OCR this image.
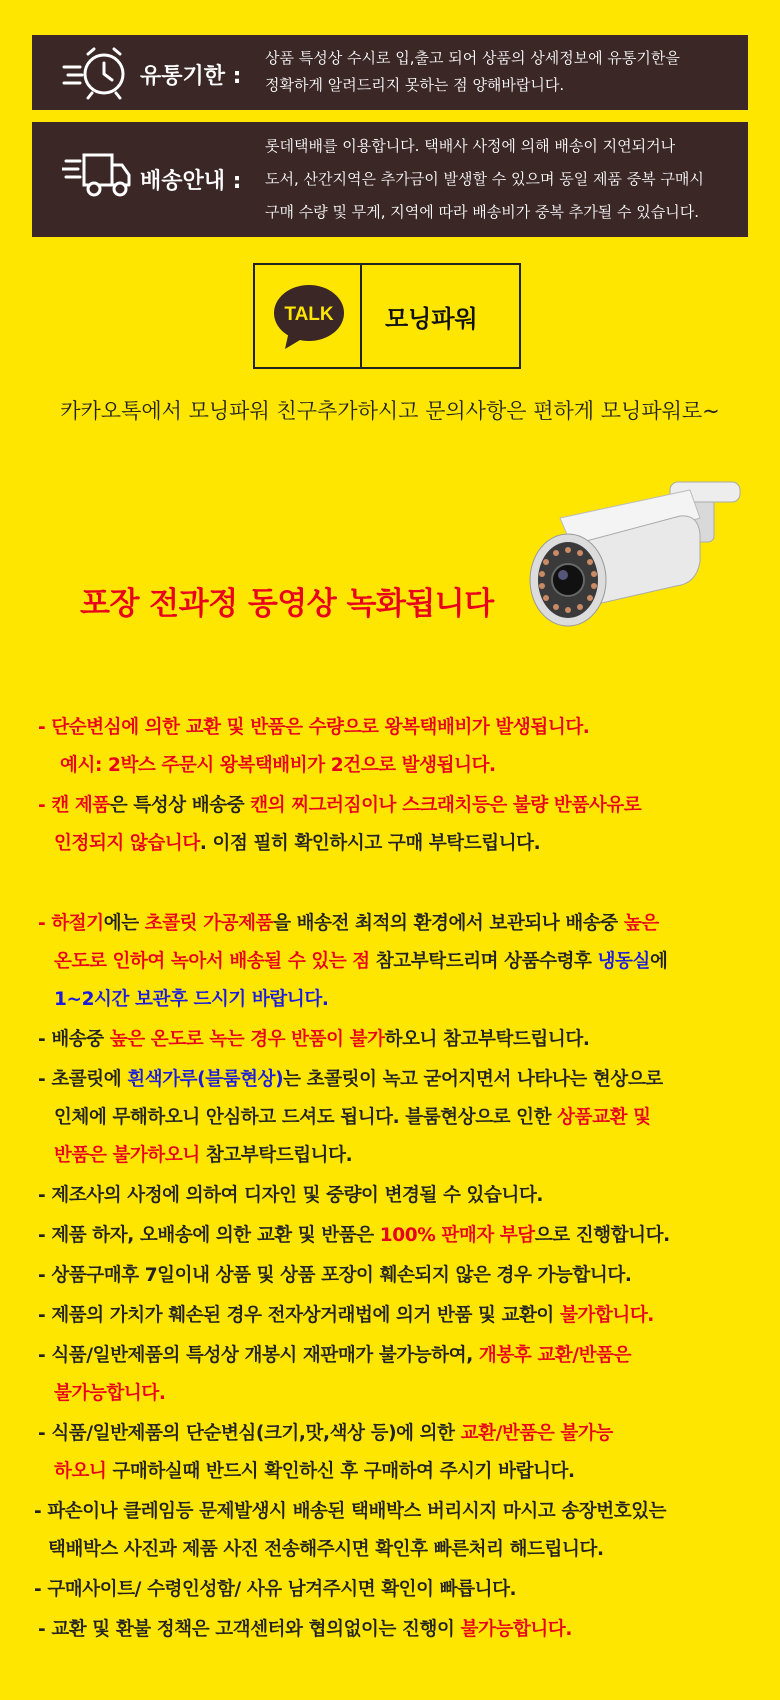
유통기한 :
상품 특성상 수시로 입,출고 되어 상품의 상세정보에 유통기한을
정확하게 알려드리지 못하는 점 양해바랍니다.
배송안내 :
롯데택배를 이용합니다. 택배사 사정에 의해 배송이 지연되거나
도서, 산간지역은 추가금이 발생할 수 있으며 동일 제품 중복 구매시
구매 수량 및 무게, 지역에 따라 배송비가 중복 추가될 수 있습니다.
TALK 모닝파워
카카오톡에서 모닝파워 친구추가하시고 문의사항은 편하게 모닝파워로~
포장 전과정 동영상 녹화됩니다
- 단순변심에 의한 교환 및 반품은 수량으로 왕복택배비가 발생됩니다.
예시: 2박스 주문시 왕복택배비가 2건으로 발생됩니다.
- 캔 제품은 특성상 배송중 캔의 찌그러짐이나 스크래치등은 불량 반품사유로
인정되지 않습니다. 이점 필히 확인하시고 구매 부탁드립니다.
- 하절기에는 초콜릿 가공제품을 배송전 최적의 환경에서 보관되나 배송중 높은
온도로 인하여 녹아서 배송될 수 있는 점 참고부탁드리며 상품수령후 냉동실에
1~2시간 보관후 드시기 바랍니다.
- 배송중 높은 온도로 녹는 경우 반품이 불가하오니 참고부탁드립니다.
- 초콜릿에 흰색가루(블룸현상)는 초콜릿이 녹고 굳어지면서 나타나는 현상으로
인체에 무해하오니 안심하고 드셔도 됩니다. 블룸현상으로 인한 상품교환 및
반품은 불가하오니 참고부탁드립니다.
- 제조사의 사정에 의하여 디자인 및 중량이 변경될 수 있습니다.
- 제품 하자, 오배송에 의한 교환 및 반품은 100% 판매자 부담으로 진행합니다.
- 상품구매후 7일이내 상품 및 상품 포장이 훼손되지 않은 경우 가능합니다.
- 제품의 가치가 훼손된 경우 전자상거래법에 의거 반품 및 교환이 불가합니다.
- 식품/일반제품의 특성상 개봉시 재판매가 불가능하여, 개봉후 교환/반품은
불가능합니다.
- 식품/일반제품의 단순변심(크기,맛,색상 등)에 의한 교환/반품은 불가능
하오니 구매하실때 반드시 확인하신 후 구매하여 주시기 바랍니다.
- 파손이나 클레임등 문제발생시 배송된 택배박스 버리시지 마시고 송장번호있는
택배박스 사진과 제품 사진 전송해주시면 확인후 빠른처리 해드립니다.
- 구매사이트/ 수령인성함/ 사유 남겨주시면 확인이 빠릅니다.
- 교환 및 환불 정책은 고객센터와 협의없이는 진행이 불가능합니다.
